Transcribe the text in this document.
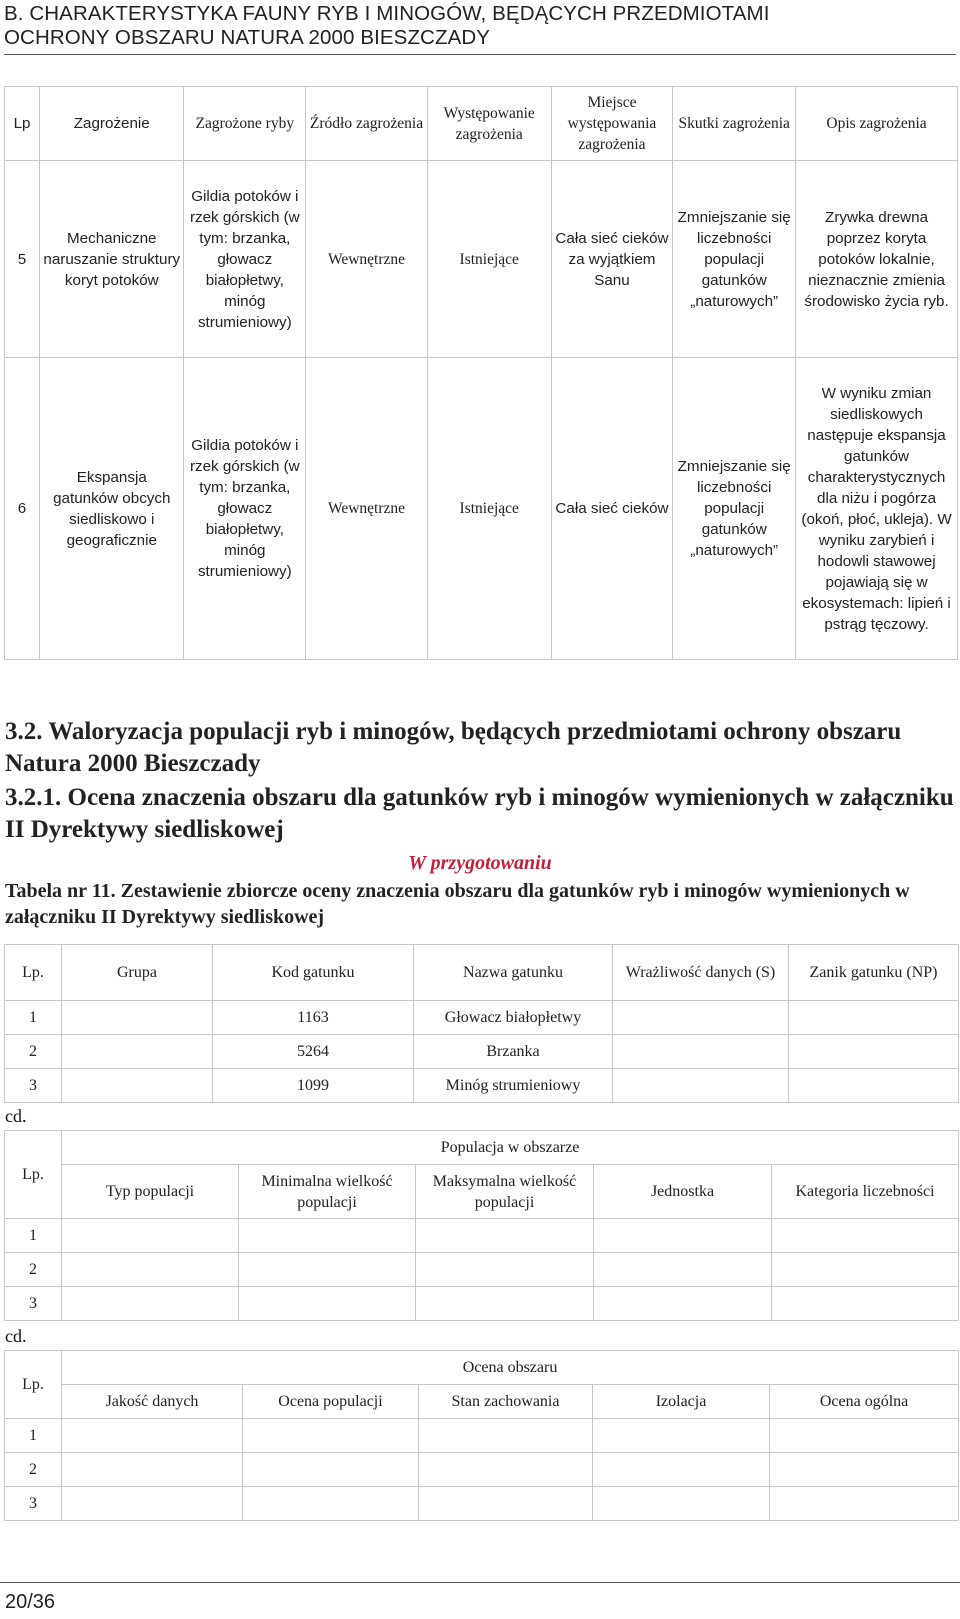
B. CHARAKTERYSTYKA FAUNY RYB I MINOGÓW, BĘDĄCYCH PRZEDMIOTAMI
OCHRONY OBSZARU NATURA 2000 BIESZCZADY
Lp	Zagrożenie	Zagrożone ryby	Źródło zagrożenia	Występowanie zagrożenia	Miejsce występowania zagrożenia	Skutki zagrożenia	Opis zagrożenia
5	Mechaniczne naruszanie struktury koryt potoków	Gildia potoków i rzek górskich (w tym: brzanka, głowacz białopłetwy, minóg strumieniowy)	Wewnętrzne	Istniejące	Cała sieć cieków za wyjątkiem Sanu	Zmniejszanie się liczebności populacji gatunków „naturowych”	Zrywka drewna poprzez koryta potoków lokalnie, nieznacznie zmienia środowisko życia ryb.
6	Ekspansja gatunków obcych siedliskowo i geograficznie	Gildia potoków i rzek górskich (w tym: brzanka, głowacz białopłetwy, minóg strumieniowy)	Wewnętrzne	Istniejące	Cała sieć cieków	Zmniejszanie się liczebności populacji gatunków „naturowych”	W wyniku zmian siedliskowych następuje ekspansja gatunków charakterystycznych dla niżu i pogórza (okoń, płoć, ukleja). W wyniku zarybień i hodowli stawowej pojawiają się w ekosystemach: lipień i pstrąg tęczowy.
3.2. Waloryzacja populacji ryb i minogów, będących przedmiotami ochrony obszaru Natura 2000 Bieszczady
3.2.1. Ocena znaczenia obszaru dla gatunków ryb i minogów wymienionych w załączniku II Dyrektywy siedliskowej
W przygotowaniu
Tabela nr 11. Zestawienie zbiorcze oceny znaczenia obszaru dla gatunków ryb i minogów wymienionych w załączniku II Dyrektywy siedliskowej
Lp.	Grupa	Kod gatunku	Nazwa gatunku	Wrażliwość danych (S)	Zanik gatunku (NP)
1		1163	Głowacz białopłetwy		
2		5264	Brzanka		
3		1099	Minóg strumieniowy		
cd.
Lp.	Populacja w obszarze				
	Typ populacji	Minimalna wielkość populacji	Maksymalna wielkość populacji	Jednostka	Kategoria liczebności
1					
2					
3					
cd.
Lp.	Ocena obszaru				
	Jakość danych	Ocena populacji	Stan zachowania	Izolacja	Ocena ogólna
1					
2					
3					
20/36
